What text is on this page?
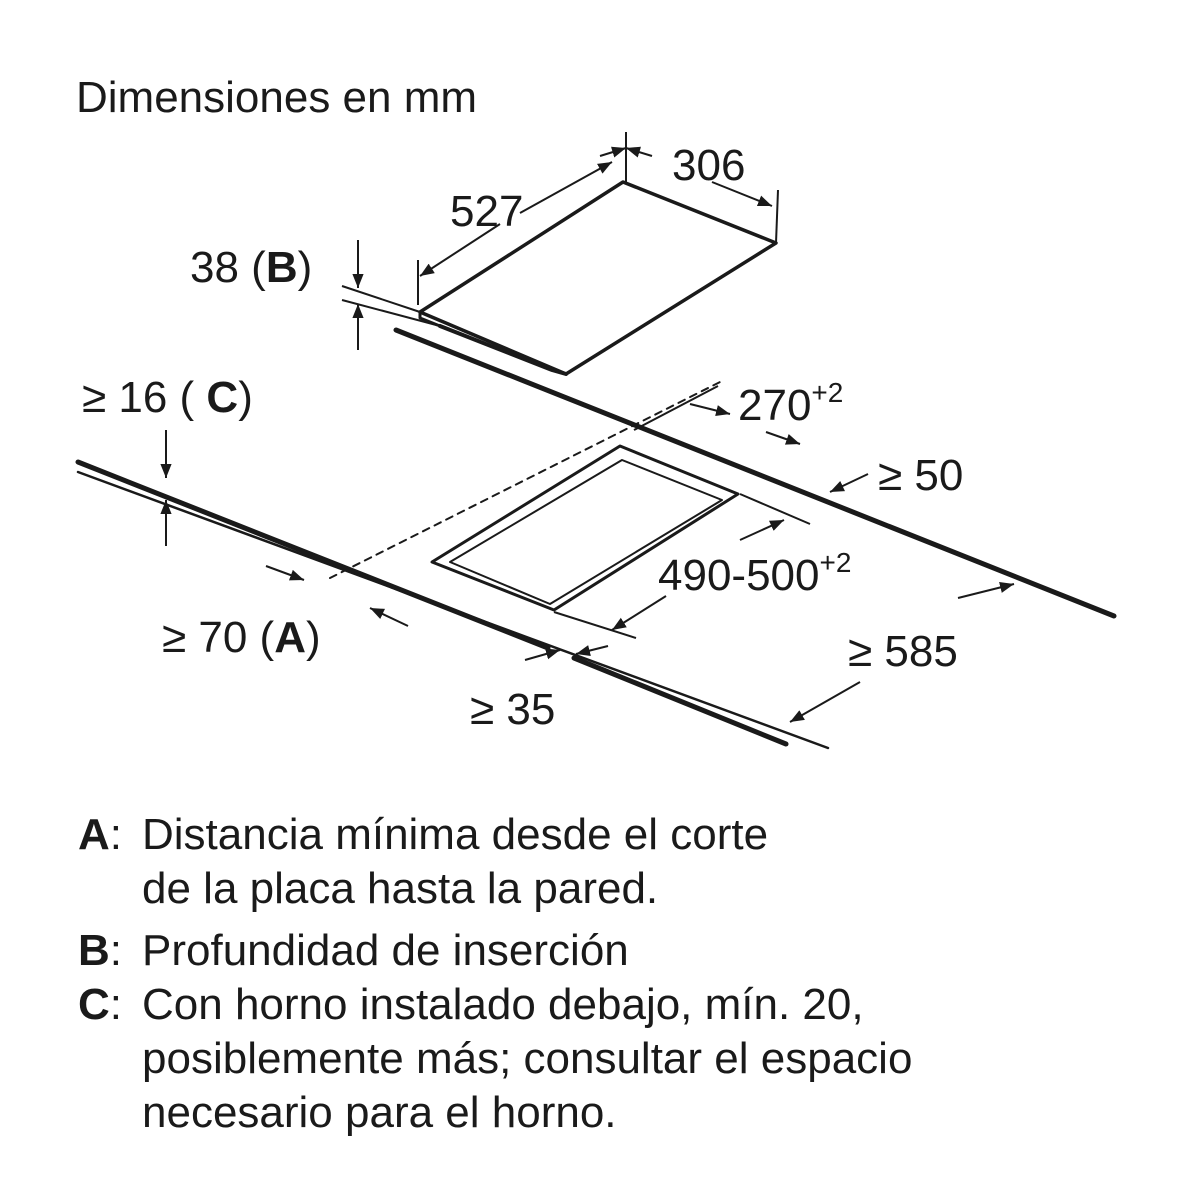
Dimensiones en mm
306
527
38 (B)
$270^{+2}$
≥ 50
$490-500^{+2}$
≥ 585
≥ 35
≥ 70 (A)
≥ 16 ( C)
A: Distancia mínima desde el corte
de la placa hasta la pared.
B: Profundidad de inserción
C: Con horno instalado debajo, mín. 20,
posiblemente más; consultar el espacio
necesario para el horno.
